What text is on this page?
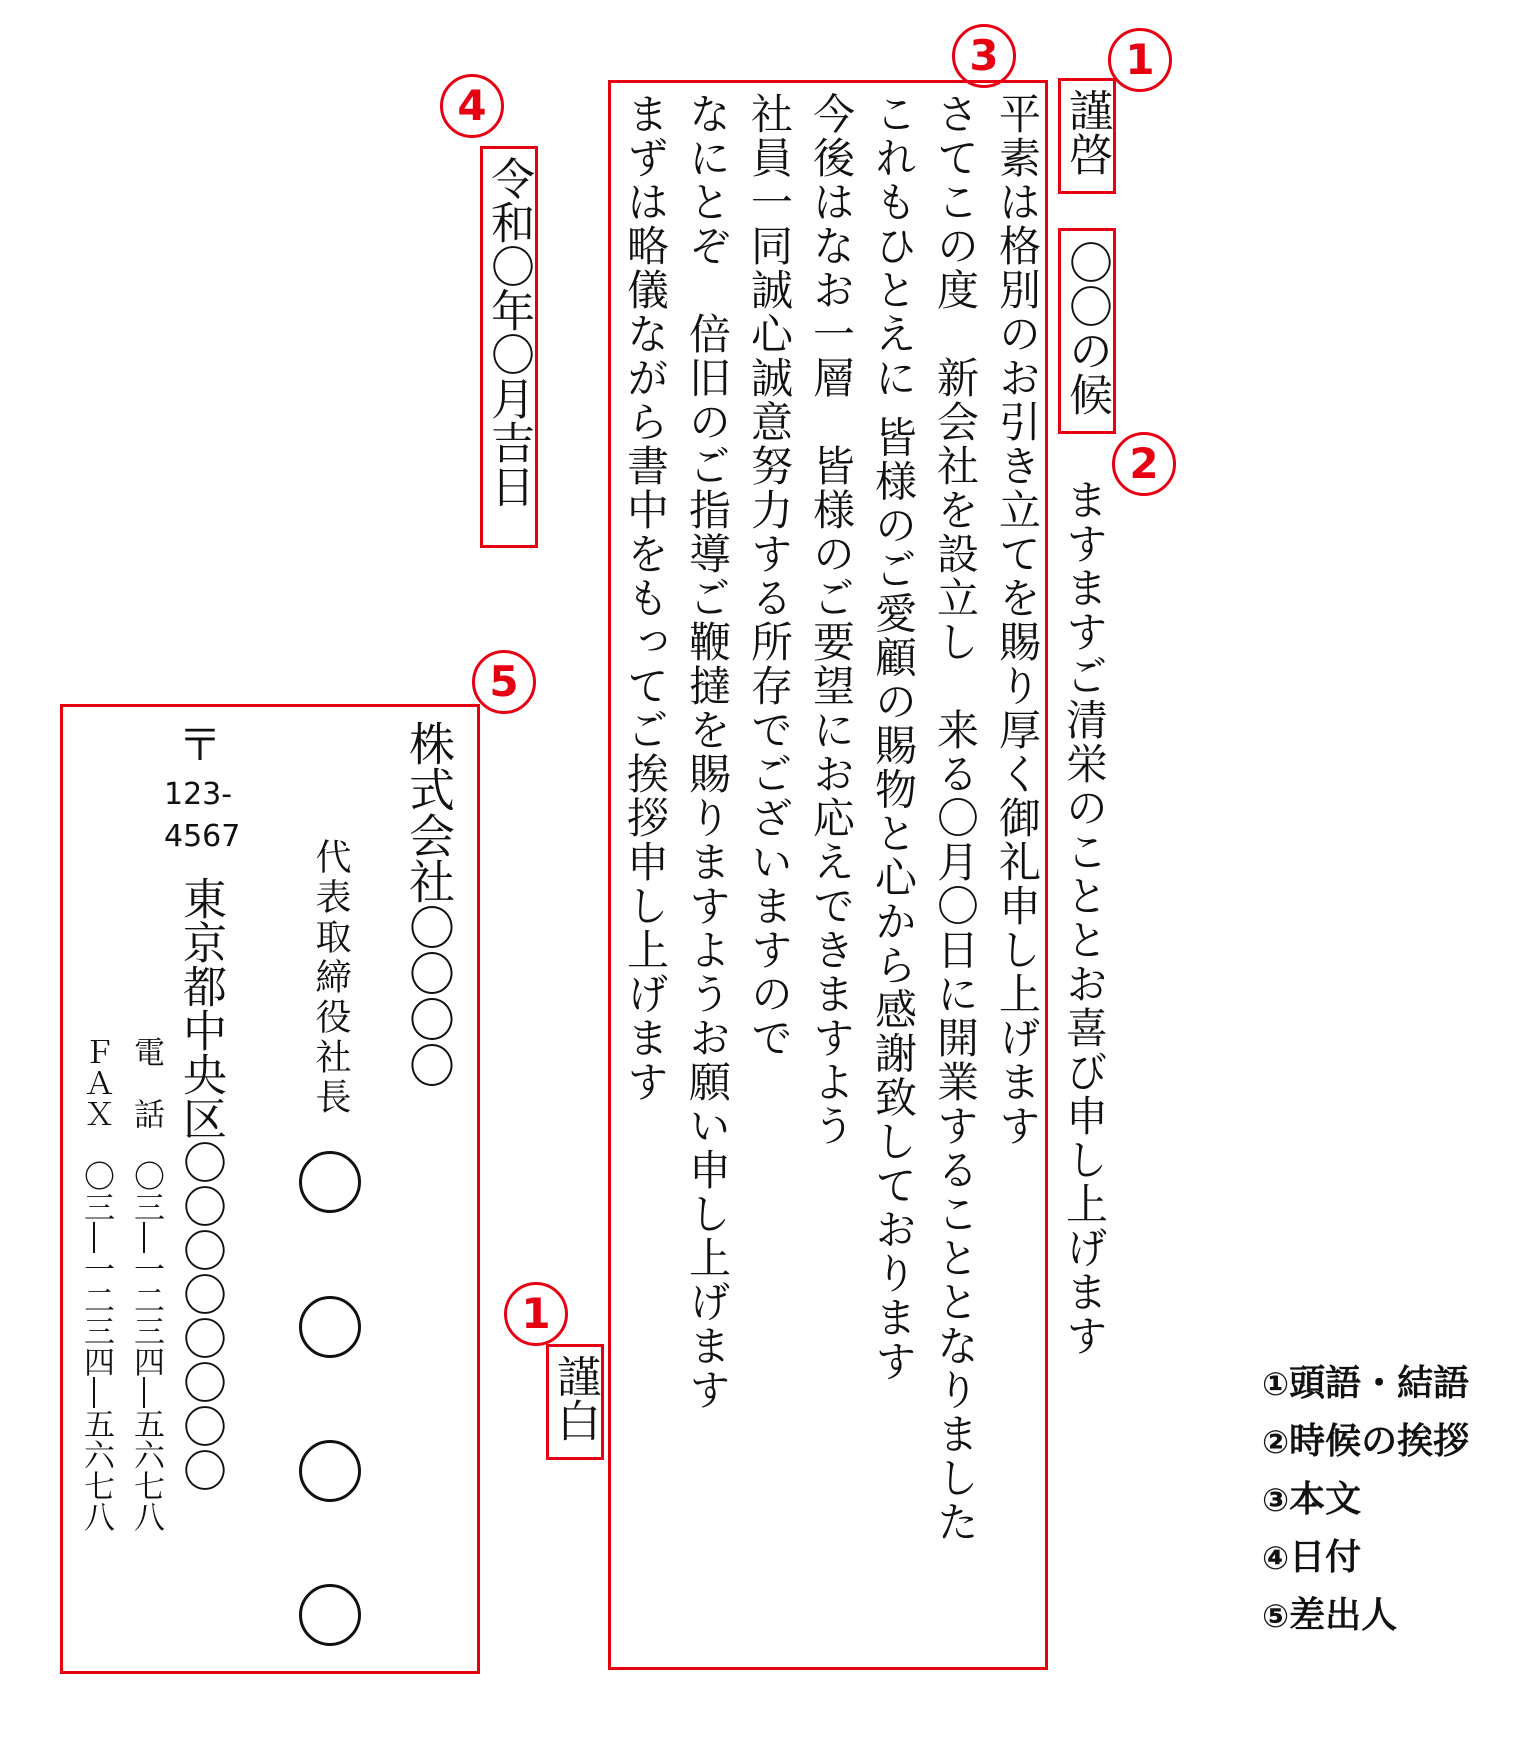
謹啓
1
〇〇の候
2
ますますご清栄のこととお喜び申し上げます
3
平素は格別のお引き立てを賜り厚く御礼申し上げます
さてこの度　新会社を設立し　来る〇月〇日に開業することとなりました
これもひとえに 皆様のご愛顧の賜物と心から感謝致しております
今後はなお一層　皆様のご要望にお応えできますよう
社員一同誠心誠意努力する所存でございますので
なにとぞ　倍旧のご指導ご鞭撻を賜りますようお願い申し上げます
まずは略儀ながら書中をもってご挨拶申し上げます
謹白
1
令和〇年〇月吉日
4
5
株式会社〇〇〇〇
代表取締役社長
〒
123-
4567
東京都中央区〇〇〇〇〇〇〇〇
電　話　〇三―一二三四―五六七八
ＦＡＸ　〇三―一二三四―五六七八	①頭語・結語
②時候の挨拶
③本文
④日付
⑤差出人
